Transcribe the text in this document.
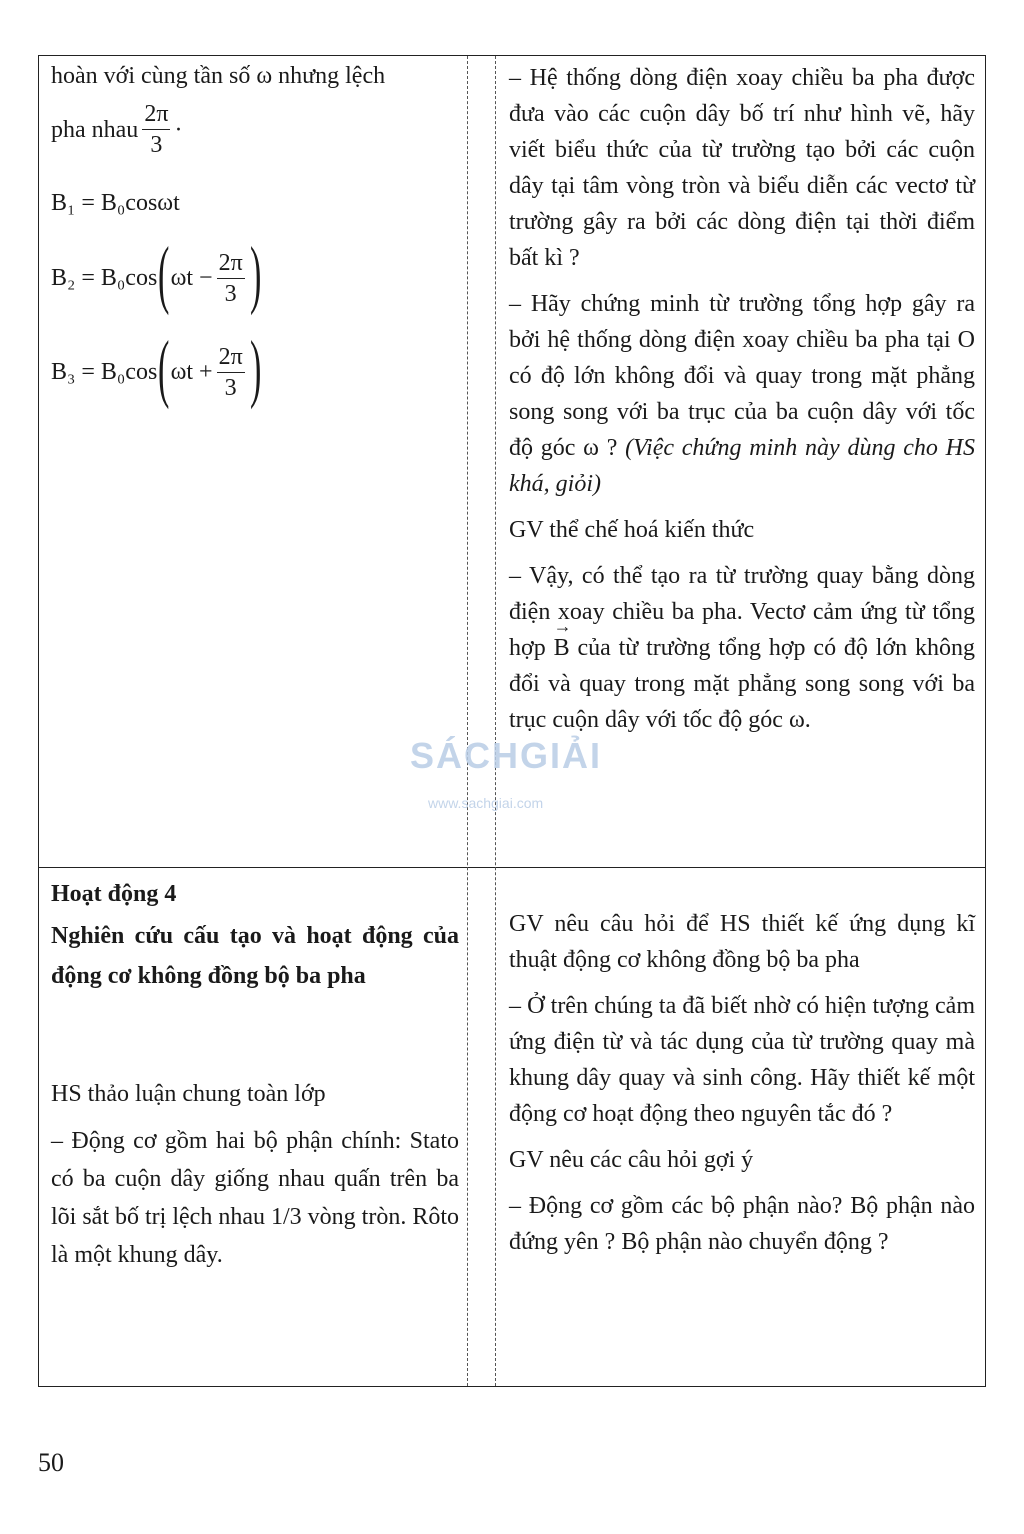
hoàn với cùng tần số ω nhưng lệch

pha nhau $\frac{2\pi}{3}$ ·

B₁ = B₀cosωt
B₂ = B₀cos ( $\omega t - \frac{2\pi}{3}$ )
B₃ = B₀cos ( $\omega t + \frac{2\pi}{3}$ )

– Hệ thống dòng điện xoay chiều ba pha được đưa vào các cuộn dây bố trí như hình vẽ, hãy viết biểu thức của từ trường tạo bởi các cuộn dây tại tâm vòng tròn và biểu diễn các vectơ từ trường gây ra bởi các dòng điện tại thời điểm bất kì ?

– Hãy chứng minh từ trường tổng hợp gây ra bởi hệ thống dòng điện xoay chiều ba pha tại O có độ lớn không đổi và quay trong mặt phẳng song song với ba trục của ba cuộn dây với tốc độ góc ω ? (Việc chứng minh này dùng cho HS khá, giỏi)

GV thể chế hoá kiến thức

– Vậy, có thể tạo ra từ trường quay bằng dòng điện xoay chiều ba pha. Vectơ cảm ứng từ tổng hợp → B của từ trường tổng hợp có độ lớn không đổi và quay trong mặt phẳng song song với ba trục cuộn dây với tốc độ góc ω.

Hoạt động 4

Nghiên cứu cấu tạo và hoạt động của động cơ không đồng bộ ba pha

HS thảo luận chung toàn lớp

– Động cơ gồm hai bộ phận chính: Stato có ba cuộn dây giống nhau quấn trên ba lõi sắt bố trị lệch nhau 1/3 vòng tròn. Rôto là một khung dây.

GV nêu câu hỏi để HS thiết kế ứng dụng kĩ thuật động cơ không đồng bộ ba pha

– Ở trên chúng ta đã biết nhờ có hiện tượng cảm ứng điện từ và tác dụng của từ trường quay mà khung dây quay và sinh công. Hãy thiết kế một động cơ hoạt động theo nguyên tắc đó ?

GV nêu các câu hỏi gợi ý

– Động cơ gồm các bộ phận nào? Bộ phận nào đứng yên ? Bộ phận nào chuyển động ?

SÁCHGIẢI
www.sachgiai.com
50
